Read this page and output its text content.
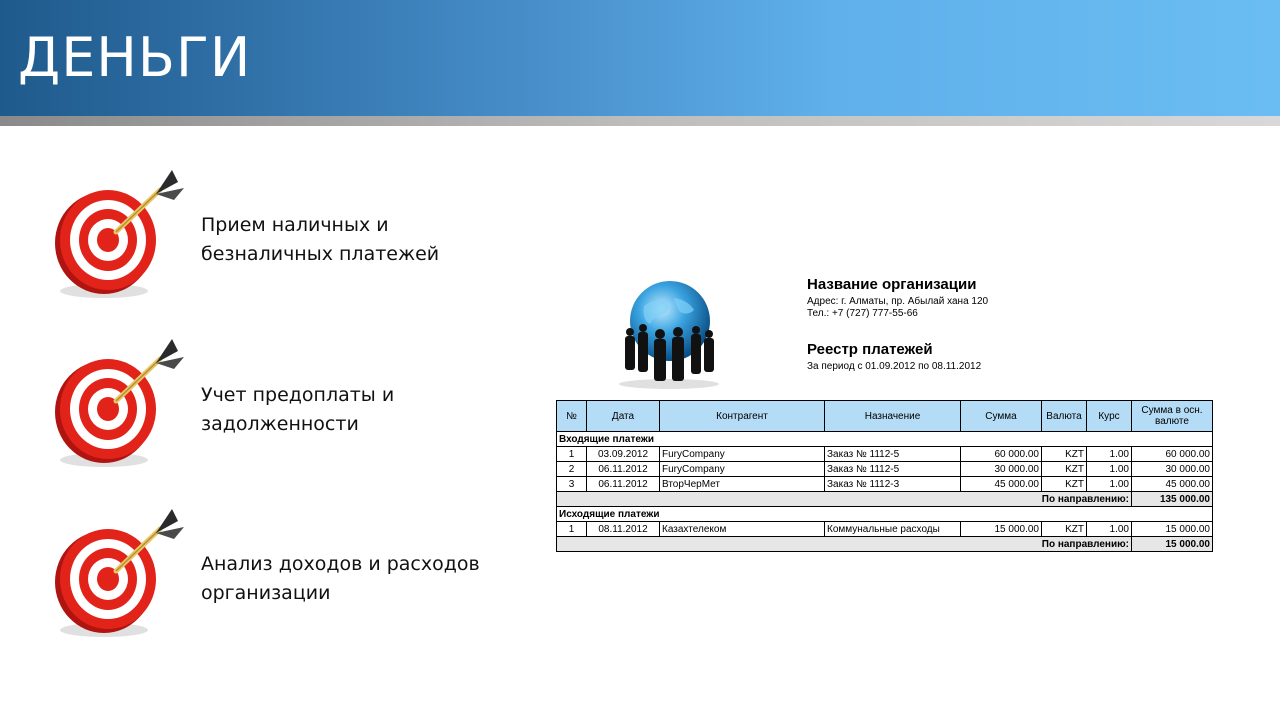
ДЕНЬГИ
Прием наличных и
безналичных платежей
Учет предоплаты и
задолженности
Анализ доходов и расходов
организации
Название организации
Адрес: г. Алматы, пр. Абылай хана 120
Тел.: +7 (727) 777-55-66
Реестр платежей
За период с 01.09.2012 по 08.11.2012
№	Дата	Контрагент	Назначение	Сумма	Валюта	Курс	Сумма в осн. валюте
Входящие платежи							
1	03.09.2012	FuryCompany	Заказ № 1112-5	60 000.00	KZT	1.00	60 000.00
2	06.11.2012	FuryCompany	Заказ № 1112-5	30 000.00	KZT	1.00	30 000.00
3	06.11.2012	ВторЧерМет	Заказ № 1112-3	45 000.00	KZT	1.00	45 000.00
По направлению:							135 000.00
Исходящие платежи							
1	08.11.2012	Казахтелеком	Коммунальные расходы	15 000.00	KZT	1.00	15 000.00
По направлению:							15 000.00
